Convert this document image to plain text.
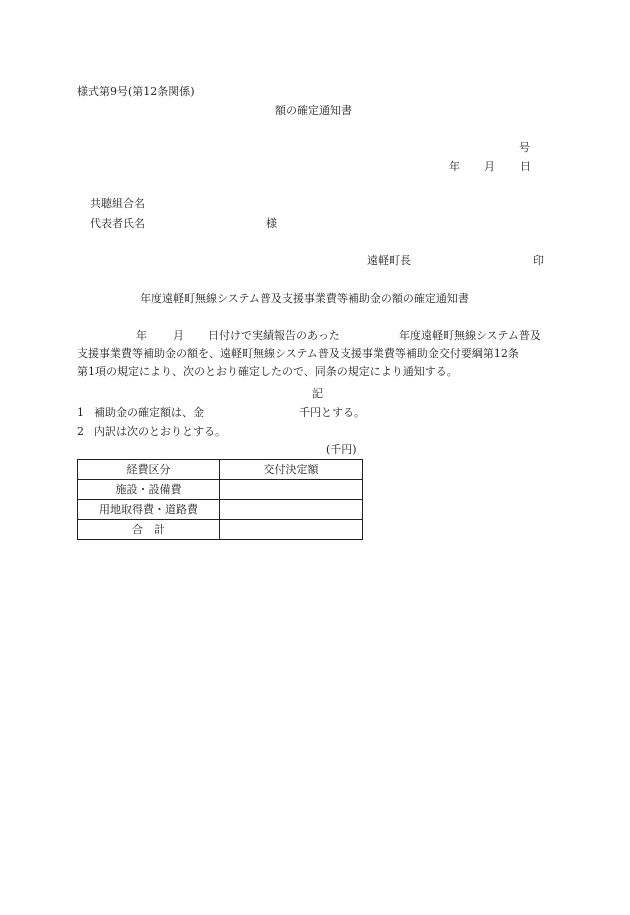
様式第9号(第12条関係)
額の確定通知書
号
年 月 日
共聴組合名
代表者氏名	様
遠軽町長	印
年度遠軽町無線システム普及支援事業費等補助金の額の確定通知書
年 月 日付けで実績報告のあった	年度遠軽町無線システム普及
支援事業費等補助金の額を、遠軽町無線システム普及支援事業費等補助金交付要綱第12条
第1項の規定により、次のとおり確定したので、同条の規定により通知する。
記
1 補助金の確定額は、金	千円とする。
2 内訳は次のとおりとする。
(千円)
経費区分	交付決定額
施設・設備費	
用地取得費・道路費	
合　計	
